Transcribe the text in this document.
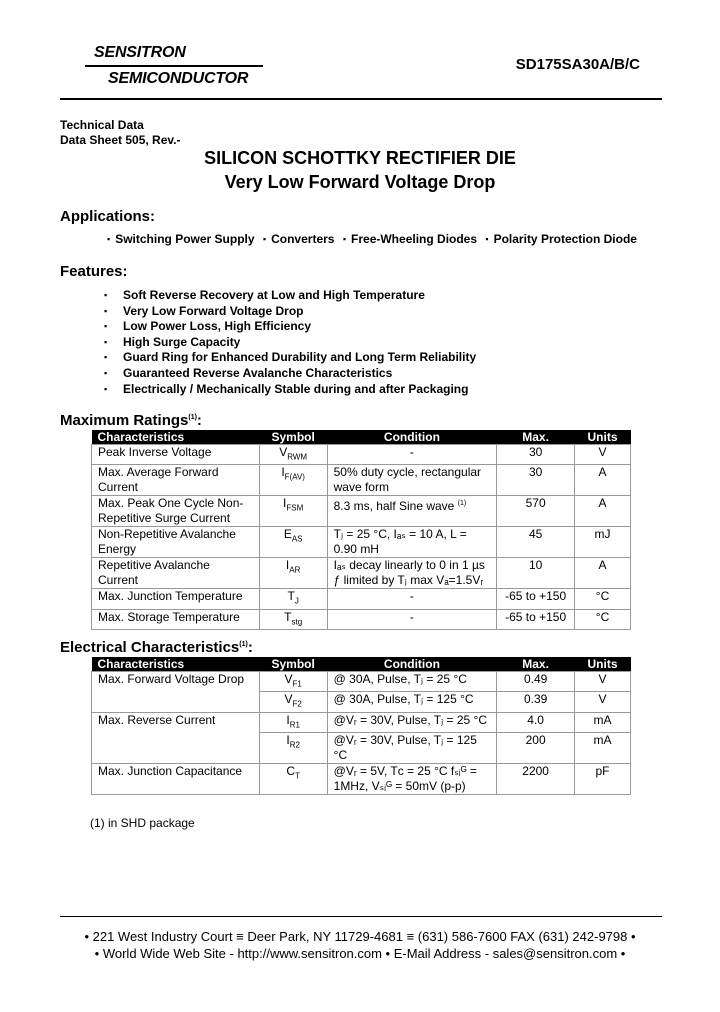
SENSITRON
SEMICONDUCTOR
SD175SA30A/B/C
Technical Data
Data Sheet 505, Rev.-
SILICON SCHOTTKY RECTIFIER DIE
Very Low Forward Voltage Drop
Applications:
▪ Switching Power Supply ▪ Converters ▪ Free-Wheeling Diodes ▪ Polarity Protection Diode
Features:
▪ Soft Reverse Recovery at Low and High Temperature
▪ Very Low Forward Voltage Drop
▪ Low Power Loss, High Efficiency
▪ High Surge Capacity
▪ Guard Ring for Enhanced Durability and Long Term Reliability
▪ Guaranteed Reverse Avalanche Characteristics
▪ Electrically / Mechanically Stable during and after Packaging
Maximum Ratings$^{(1)}$:
Characteristics	Symbol	Condition	Max.	Units
Peak Inverse Voltage	$V_{RWM}$	-	30	V
Max. Average Forward Current	$I_{F(AV)}$	50% duty cycle, rectangular wave form	30	A
Max. Peak One Cycle Non-Repetitive Surge Current	$I_{FSM}$	8.3 ms, half Sine wave $^{(1)}$	570	A
Non-Repetitive Avalanche Energy	$E_{AS}$	Tⱼ = 25 °C, Iₐₛ = 10 A, L = 0.90 mH	45	mJ
Repetitive Avalanche Current	$I_{AR}$	Iₐₛ decay linearly to 0 in 1 µs ƒ limited by Tⱼ max Vₐ=1.5Vᵣ	10	A
Max. Junction Temperature	$T_J$	-	-65 to +150	°C
Max. Storage Temperature	$T_{stg}$	-	-65 to +150	°C
Electrical Characteristics$^{(1)}$:
Characteristics	Symbol	Condition	Max.	Units
Max. Forward Voltage Drop	$V_{F1}$	@ 30A, Pulse, Tⱼ = 25 °C	0.49	V
	$V_{F2}$	@ 30A, Pulse, Tⱼ = 125 °C	0.39	V
Max. Reverse Current	$I_{R1}$	@Vᵣ = 30V, Pulse, Tⱼ = 25 °C	4.0	mA
	$I_{R2}$	@Vᵣ = 30V, Pulse, Tⱼ = 125 °C	200	mA
Max. Junction Capacitance	$C_T$	@Vᵣ = 5V, Tᴄ = 25 °C fₛᵢᴳ = 1MHz, Vₛᵢᴳ = 50mV (p-p)	2200	pF
(1) in SHD package
• 221 West Industry Court ≡ Deer Park, NY 11729-4681 ≡ (631) 586-7600 FAX (631) 242-9798 •
• World Wide Web Site - http://www.sensitron.com • E-Mail Address - sales@sensitron.com •
